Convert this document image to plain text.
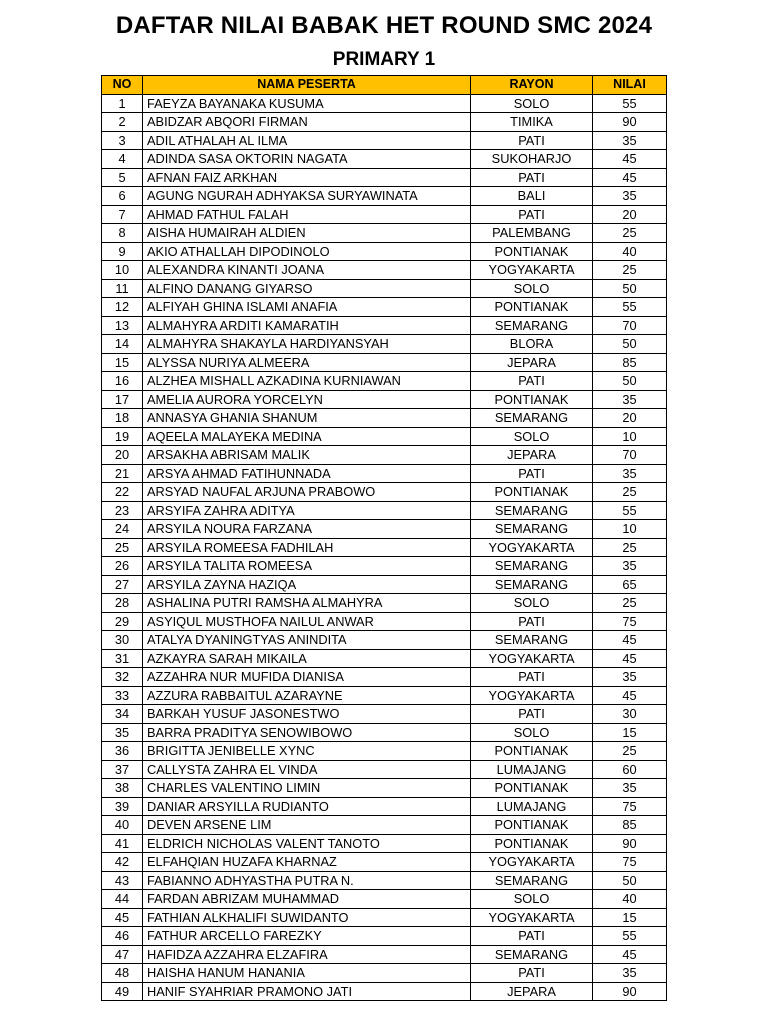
DAFTAR NILAI BABAK HET ROUND SMC 2024
PRIMARY 1
NO	NAMA PESERTA	RAYON	NILAI
1	FAEYZA BAYANAKA KUSUMA	SOLO	55
2	ABIDZAR ABQORI FIRMAN	TIMIKA	90
3	ADIL ATHALAH AL ILMA	PATI	35
4	ADINDA SASA OKTORIN NAGATA	SUKOHARJO	45
5	AFNAN FAIZ ARKHAN	PATI	45
6	AGUNG NGURAH ADHYAKSA SURYAWINATA	BALI	35
7	AHMAD FATHUL FALAH	PATI	20
8	AISHA HUMAIRAH ALDIEN	PALEMBANG	25
9	AKIO ATHALLAH DIPODINOLO	PONTIANAK	40
10	ALEXANDRA KINANTI JOANA	YOGYAKARTA	25
11	ALFINO DANANG GIYARSO	SOLO	50
12	ALFIYAH GHINA ISLAMI ANAFIA	PONTIANAK	55
13	ALMAHYRA ARDITI KAMARATIH	SEMARANG	70
14	ALMAHYRA SHAKAYLA HARDIYANSYAH	BLORA	50
15	ALYSSA NURIYA ALMEERA	JEPARA	85
16	ALZHEA MISHALL AZKADINA KURNIAWAN	PATI	50
17	AMELIA AURORA YORCELYN	PONTIANAK	35
18	ANNASYA GHANIA SHANUM	SEMARANG	20
19	AQEELA MALAYEKA MEDINA	SOLO	10
20	ARSAKHA ABRISAM MALIK	JEPARA	70
21	ARSYA AHMAD FATIHUNNADA	PATI	35
22	ARSYAD NAUFAL ARJUNA PRABOWO	PONTIANAK	25
23	ARSYIFA ZAHRA ADITYA	SEMARANG	55
24	ARSYILA NOURA FARZANA	SEMARANG	10
25	ARSYILA ROMEESA FADHILAH	YOGYAKARTA	25
26	ARSYILA TALITA ROMEESA	SEMARANG	35
27	ARSYILA ZAYNA HAZIQA	SEMARANG	65
28	ASHALINA PUTRI RAMSHA ALMAHYRA	SOLO	25
29	ASYIQUL MUSTHOFA NAILUL ANWAR	PATI	75
30	ATALYA DYANINGTYAS ANINDITA	SEMARANG	45
31	AZKAYRA SARAH MIKAILA	YOGYAKARTA	45
32	AZZAHRA NUR MUFIDA DIANISA	PATI	35
33	AZZURA RABBAITUL AZARAYNE	YOGYAKARTA	45
34	BARKAH YUSUF JASONESTWO	PATI	30
35	BARRA PRADITYA SENOWIBOWO	SOLO	15
36	BRIGITTA JENIBELLE XYNC	PONTIANAK	25
37	CALLYSTA ZAHRA EL VINDA	LUMAJANG	60
38	CHARLES VALENTINO LIMIN	PONTIANAK	35
39	DANIAR ARSYILLA RUDIANTO	LUMAJANG	75
40	DEVEN ARSENE LIM	PONTIANAK	85
41	ELDRICH NICHOLAS VALENT TANOTO	PONTIANAK	90
42	ELFAHQIAN HUZAFA KHARNAZ	YOGYAKARTA	75
43	FABIANNO ADHYASTHA PUTRA N.	SEMARANG	50
44	FARDAN ABRIZAM MUHAMMAD	SOLO	40
45	FATHIAN ALKHALIFI SUWIDANTO	YOGYAKARTA	15
46	FATHUR ARCELLO FAREZKY	PATI	55
47	HAFIDZA AZZAHRA ELZAFIRA	SEMARANG	45
48	HAISHA HANUM HANANIA	PATI	35
49	HANIF SYAHRIAR PRAMONO JATI	JEPARA	90
